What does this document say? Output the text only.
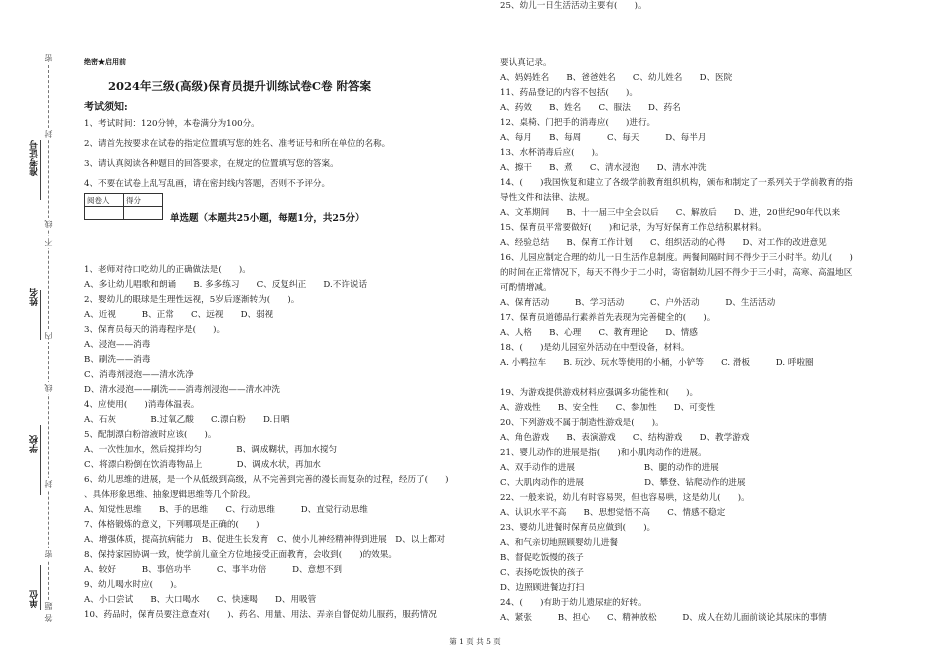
准考证号
姓名
学校
单位
密
封
线
不
内
线
封
密
题
答
绝密★启用前
2024年三级(高级)保育员提升训练试卷C卷 附答案
考试须知:
1、考试时间：120分钟，本卷满分为100分。
2、请首先按要求在试卷的指定位置填写您的姓名、准考证号和所在单位的名称。
3、请认真阅读各种题目的回答要求，在规定的位置填写您的答案。
4、不要在试卷上乱写乱画，请在密封线内答题，否则不予评分。
阅卷人	得分

单选题（本题共25小题，每题1分，共25分）
1、老师对待口吃幼儿的正确做法是(　　)。
A、多让幼儿唱歌和朗诵　　B. 多多练习　　C、反复纠正　　D.不许说话
2、婴幼儿的眼球是生理性远视，5岁后逐渐转为(　　)。
A、近视　　　B、正常　　C、远视　　D、弱视
3、保育员每天的消毒程序是(　　)。
A、浸泡——消毒
B、刷洗——消毒
C、消毒剂浸泡——清水洗净
D、清水浸泡——刷洗——消毒剂浸泡——清水冲洗
4、应使用(　　)消毒体温表。
A、石灰　　　　B.过氧乙酸　　C.漂白粉　　D.日晒
5、配制漂白粉溶液时应该(　　)。
A、一次性加水，然后搅拌均匀　　　　B、调成糊状，再加水搅匀
C、将漂白粉倒在饮消毒物品上　　　　D、调成水状，再加水
6、幼儿思维的进展，是一个从低级到高级，从不完善到完善的漫长而复杂的过程，经历了(　　)
、具体形象思维、抽象逻辑思维等几个阶段。
A、知觉性思维　　B、手的思维　　C、行动思维　　　D、直觉行动思维
7、体格锻炼的意义，下列哪项是正确的(　　)
A、增强体质，提高抗病能力　B、促进生长发育　C、使小儿神经精神得到进展　D、以上都对
8、保持家园协调一致，使学前儿童全方位地接受正面教育，会收到(　　)的效果。
A、较好　　　B、事倍功半　　　C、事半功倍　　　D、意想不到
9、幼儿喝水时应(　　)。
A、小口尝试　　B、大口喝水　　C、快速喝　　D、用吸管
10、药品时，保育员要注意查对(　　)、药名、用量、用法、弄亲自督促幼儿服药，服药情况
要认真记录。
A、妈妈姓名　　B、爸爸姓名　　C、幼儿姓名　　D、医院
11、药品登记的内容不包括(　　)。
A、药效　　B、姓名　　C、服法　　D、药名
12、桌椅、门把手的消毒应(　　)进行。
A、每月　　B、每周　　　C、每天　　　D、每半月
13、水杯消毒后应(　　)。
A、擦干　　B、煮　　C、清水浸泡　　D、清水冲洗
14、(　　)我国恢复和建立了各级学前教育组织机构，颁布和制定了一系列关于学前教育的指
导性文件和法律、法规。
A、文革期间　　B、十一届三中全会以后　　C、解放后　　D、进，20世纪90年代以来
15、保育员平常要做好(　　)和记录，为写好保育工作总结积累材料。
A、经验总结　　B、保育工作计划　　C、组织活动的心得　　D、对工作的改进意见
16、儿园应制定合理的幼儿一日生活作息制度。两餐间隔时间不得少于三小时半。幼儿(　　)
的时间在正常情况下，每天不得少于二小时，寄宿制幼儿园不得少于三小时，高寒、高温地区
可酌情增减。
A、保育活动　　　B、学习活动　　　C、户外活动　　　D、生活活动
17、保育员道德品行素养首先表现为完善健全的(　　)。
A、人格　　B、心理　　C、教育理论　　D、情感
18、(　　)是幼儿园室外活动在中型设备，材料。
A. 小鸭拉车　　B. 玩沙、玩水等使用的小桶，小铲等　　C. 滑板　　　D. 呼啦圈
19、为游戏提供游戏材料应强调多功能性和(　　)。
A、游戏性　　B、安全性　　C、参加性　　D、可变性
20、下列游戏不属于制造性游戏是(　　)。
A、角色游戏　　B、表演游戏　　C、结构游戏　　D、教学游戏
21、婴儿动作的进展是指(　　)和小肌肉动作的进展。
A、双手动作的进展　　　　　　　　B、腿的动作的进展
C、大肌肉动作的进展　　　　　　　D、攀登、钻爬动作的进展
22、一般来说，幼儿有时容易哭，但也容易哄，这是幼儿(　　)。
A、认识水平不高　　B、思想觉悟不高　　C、情感不稳定
23、婴幼儿进餐时保育员应做到(　　)。
A、和气亲切地照顾婴幼儿进餐
B、督促吃饭慢的孩子
C、表扬吃饭快的孩子
D、边照顾进餐边打扫
24、(　　)有助于幼儿遗尿症的好转。
A、紧张　　　B、担心　　C、精神放松　　　D、成人在幼儿面前谈论其尿床的事情
25、幼儿一日生活活动主要有(　　)。
第 1 页 共 5 页
